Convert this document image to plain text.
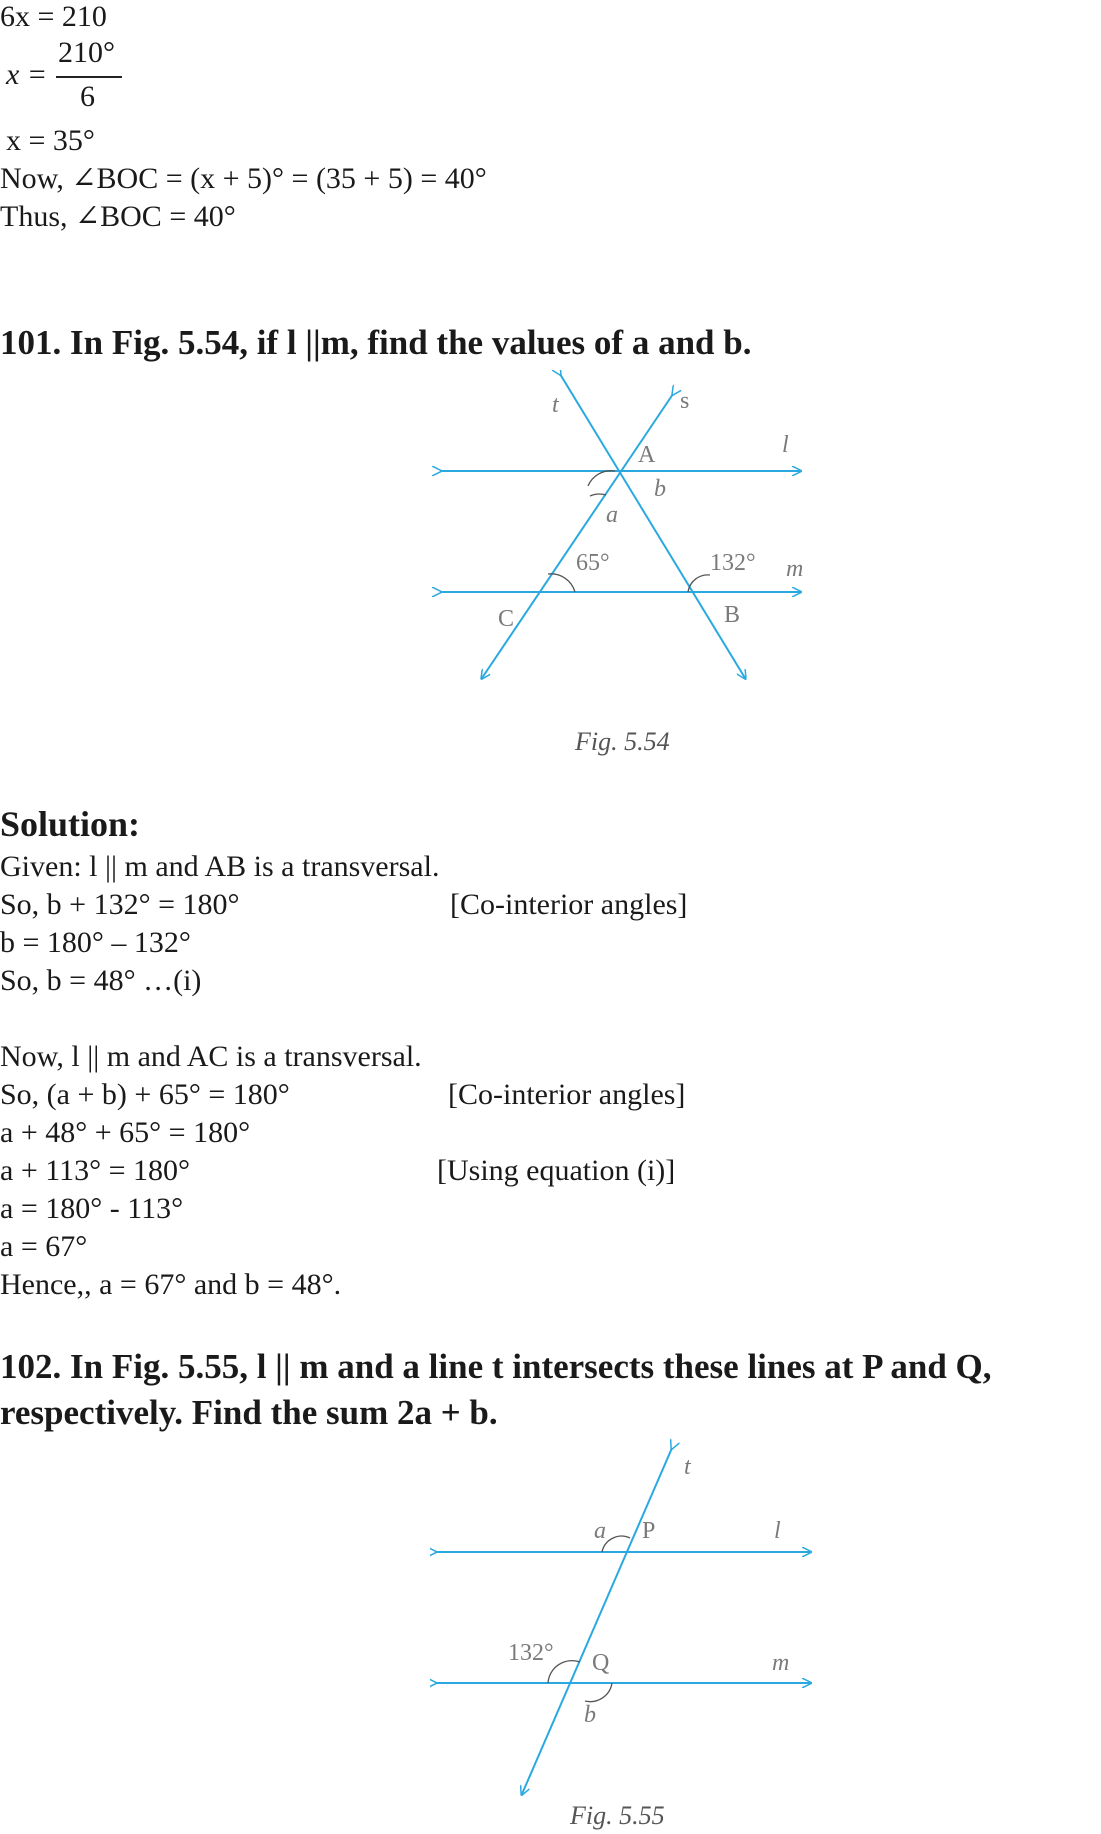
6x = 210
x =
210°
6
x = 35°
Now, ∠BOC = (x + 5)° = (35 + 5) = 40°
Thus, ∠BOC = 40°
101. In Fig. 5.54, if l ||m, find the values of a and b.
t	s
A	l
b
a
65°	132° m
C	B
Fig. 5.54
Solution:
Given: l || m and AB is a transversal.
So, b + 132° = 180°	[Co-interior angles]
b = 180° – 132°
So, b = 48° …(i)
Now, l || m and AC is a transversal.
So, (a + b) + 65° = 180°	[Co-interior angles]
a + 48° + 65° = 180°
a + 113° = 180°	[Using equation (i)]
a = 180° - 113°
a = 67°
Hence,, a = 67° and b = 48°.
102. In Fig. 5.55, l || m and a line t intersects these lines at P and Q,
respectively. Find the sum 2a + b.
t
a P	l
132° Q	m
b
Fig. 5.55
